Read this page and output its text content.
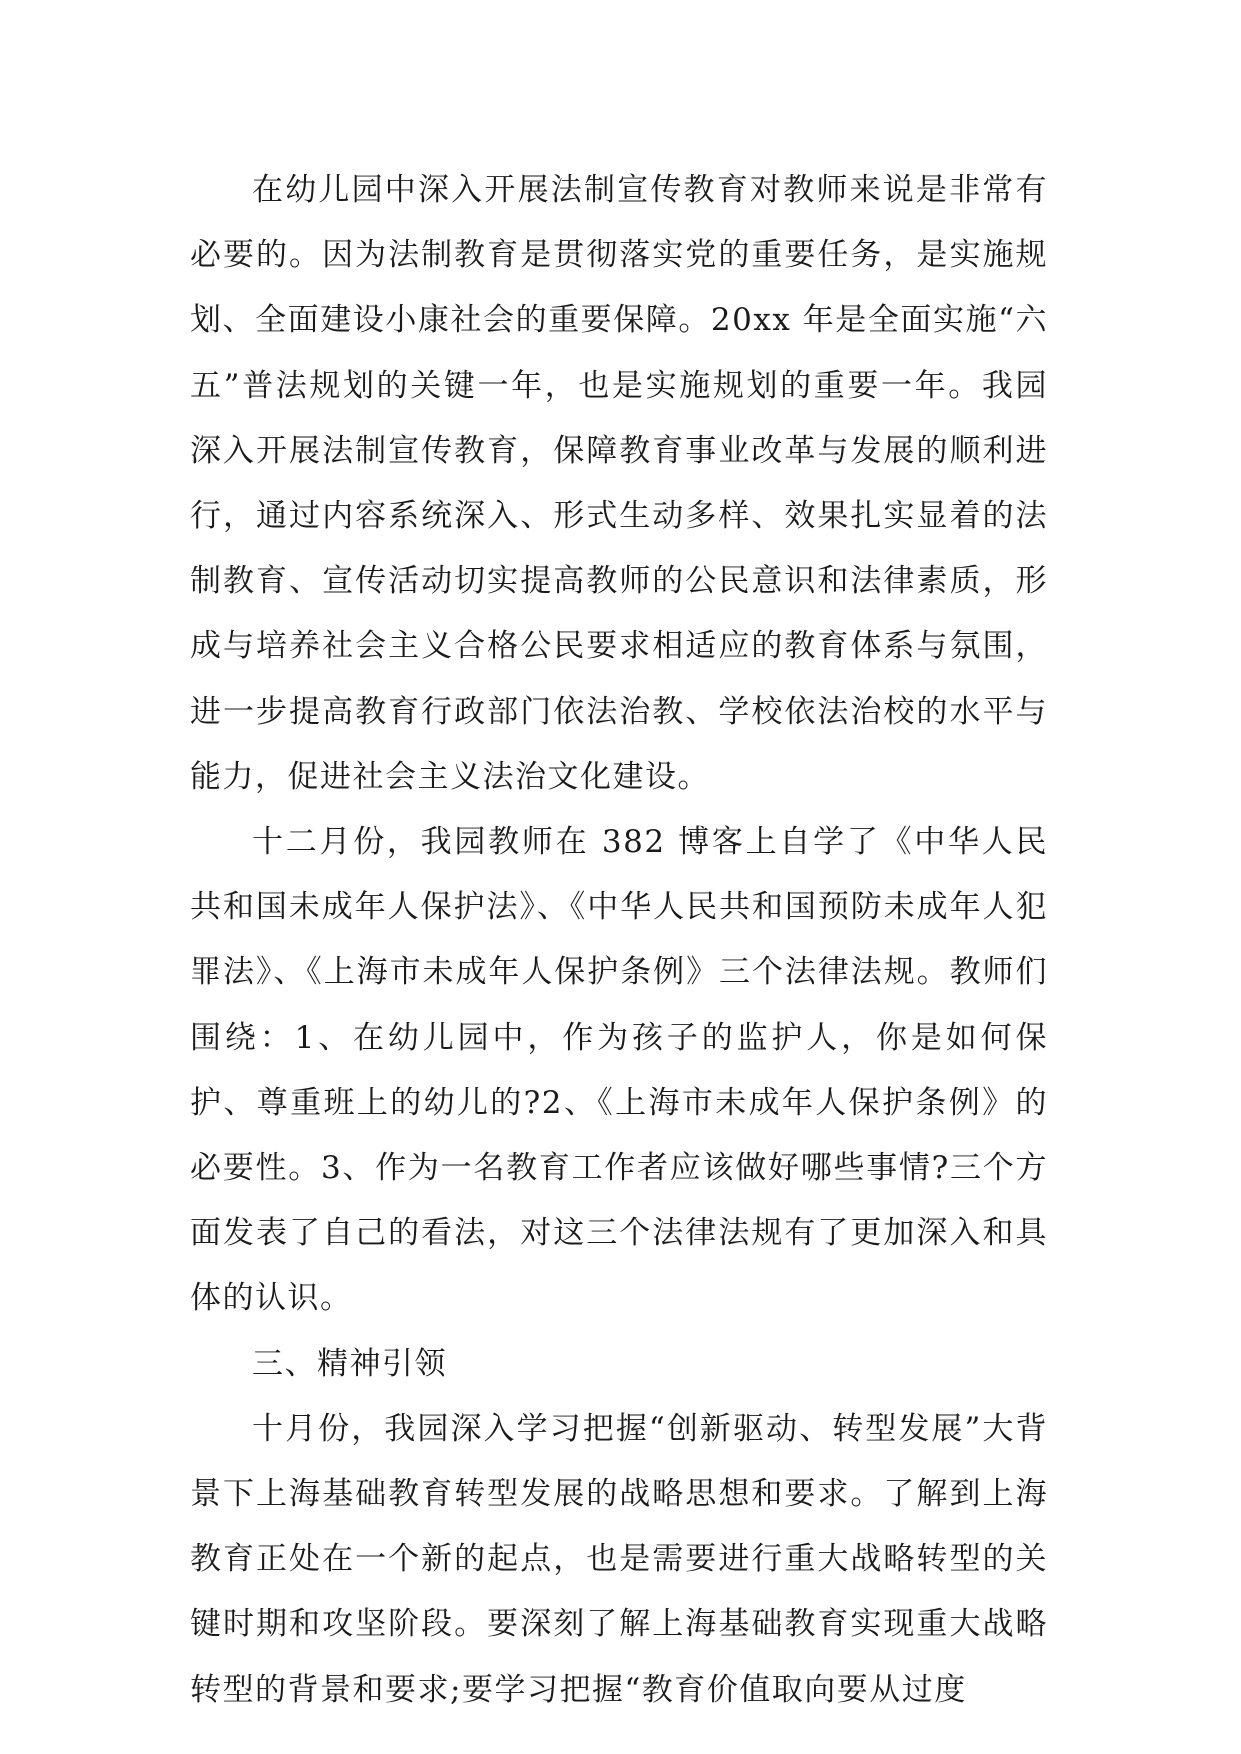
在幼儿园中深入开展法制宣传教育对教师来说是非常有必要的。因为法制教育是贯彻落实党的重要任务，是实施规划、全面建设小康社会的重要保障。20xx 年是全面实施“六五”普法规划的关键一年，也是实施规划的重要一年。我园深入开展法制宣传教育，保障教育事业改革与发展的顺利进行，通过内容系统深入、形式生动多样、效果扎实显着的法制教育、宣传活动切实提高教师的公民意识和法律素质，形成与培养社会主义合格公民要求相适应的教育体系与氛围，进一步提高教育行政部门依法治教、学校依法治校的水平与能力，促进社会主义法治文化建设。

十二月份，我园教师在 382 博客上自学了《中华人民共和国未成年人保护法》、《中华人民共和国预防未成年人犯罪法》、《上海市未成年人保护条例》三个法律法规。教师们围绕：1、在幼儿园中，作为孩子的监护人，你是如何保护、尊重班上的幼儿的?2、《上海市未成年人保护条例》的必要性。3、作为一名教育工作者应该做好哪些事情?三个方面发表了自己的看法，对这三个法律法规有了更加深入和具体的认识。

三、精神引领

十月份，我园深入学习把握“创新驱动、转型发展”大背景下上海基础教育转型发展的战略思想和要求。了解到上海教育正处在一个新的起点，也是需要进行重大战略转型的关键时期和攻坚阶段。要深刻了解上海基础教育实现重大战略转型的背景和要求;要学习把握“教育价值取向要从过度
